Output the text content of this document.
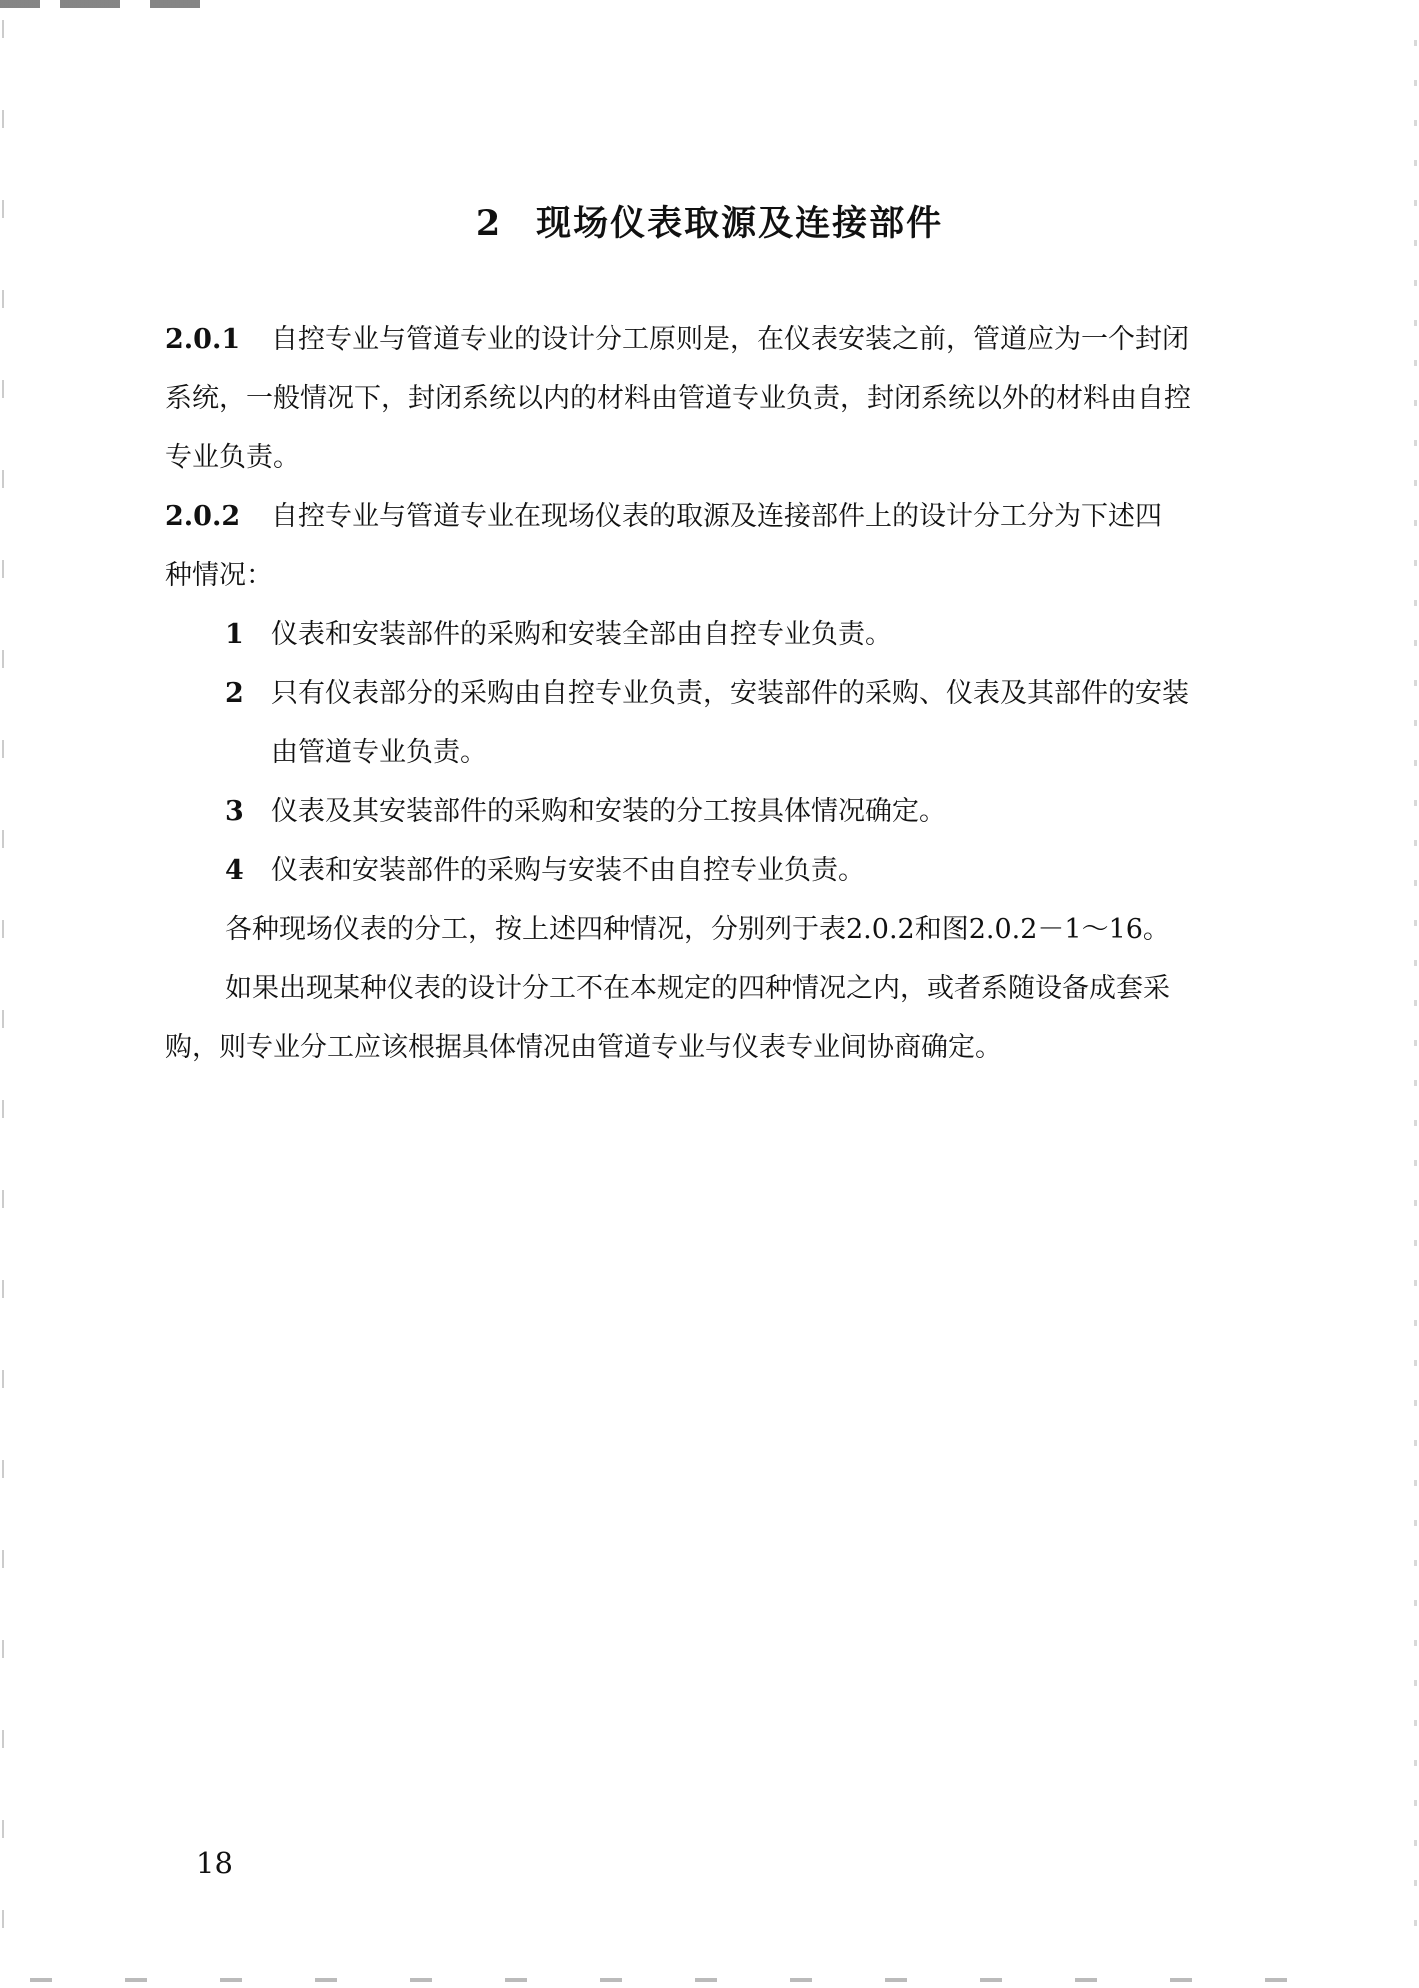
2 现场仪表取源及连接部件
2.0.1 自控专业与管道专业的设计分工原则是，在仪表安装之前，管道应为一个封闭
系统，一般情况下，封闭系统以内的材料由管道专业负责，封闭系统以外的材料由自控
专业负责。
2.0.2 自控专业与管道专业在现场仪表的取源及连接部件上的设计分工分为下述四
种情况：
1 仪表和安装部件的采购和安装全部由自控专业负责。
2 只有仪表部分的采购由自控专业负责，安装部件的采购、仪表及其部件的安装
由管道专业负责。
3 仪表及其安装部件的采购和安装的分工按具体情况确定。
4 仪表和安装部件的采购与安装不由自控专业负责。
各种现场仪表的分工，按上述四种情况，分别列于表2.0.2和图2.0.2－1～16。
如果出现某种仪表的设计分工不在本规定的四种情况之内，或者系随设备成套采
购，则专业分工应该根据具体情况由管道专业与仪表专业间协商确定。
18
